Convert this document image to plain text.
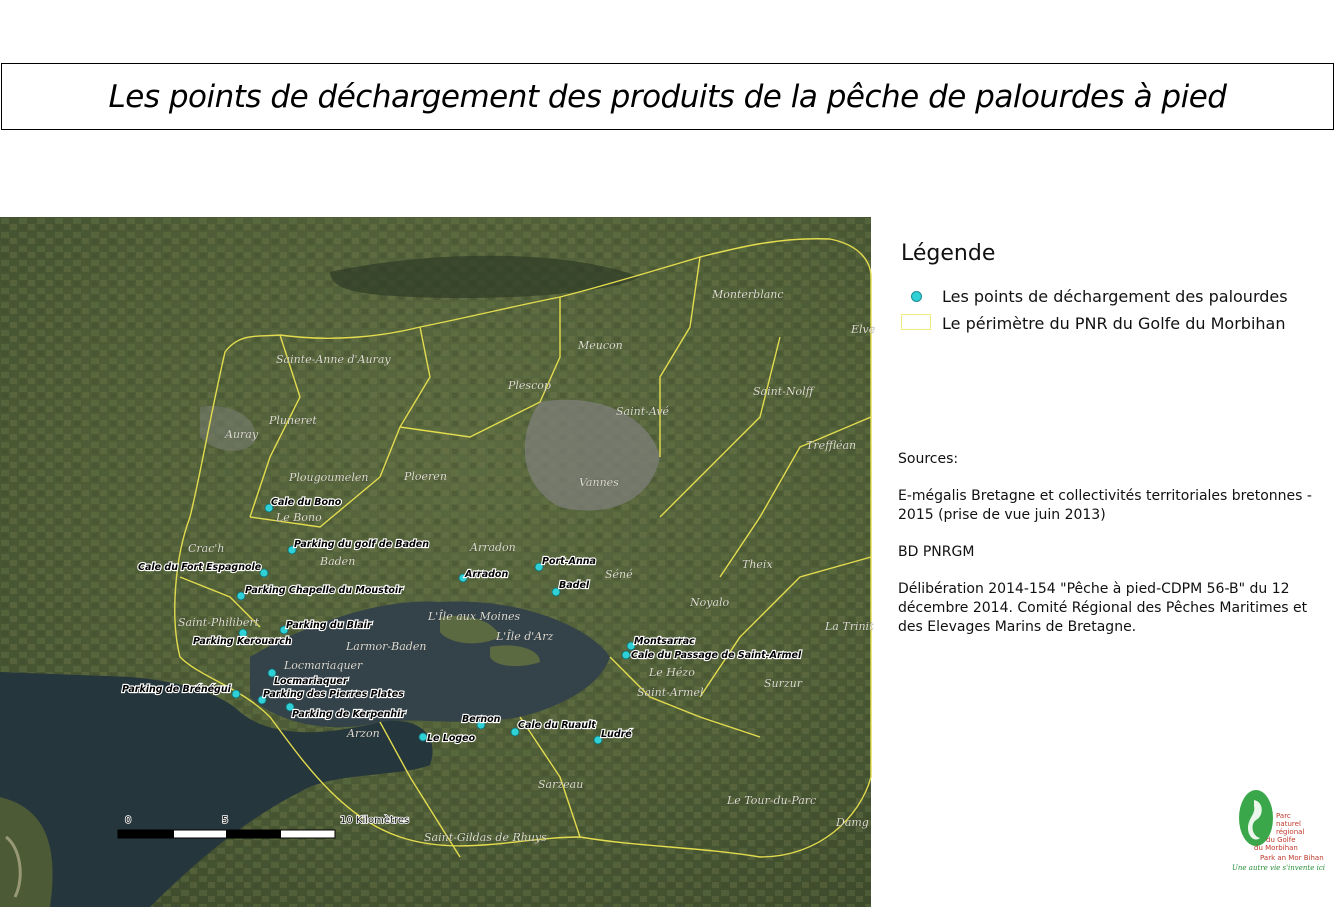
Les points de déchargement des produits de la pêche de palourdes à pied
Monterblanc
Elve
Meucon
Sainte-Anne d'Auray
Plescop	Saint-Nolff
Saint-Avé
Pluneret
Auray
Treffléan
Plougoumelen	Ploeren	Vannes
Le Bono
Crac'h
Baden
Arradon
Séné
Theix
Noyalo
Saint-Philibert	L'Île aux Moines
L'Île d'Arz
La Trinit
Larmor-Baden
Le Hézo
Locmariaquer
Saint-Armel
Surzur
Arzon
Sarzeau
Le Tour-du-Parc
Damg
Saint-Gildas de Rhuys
Cale du Bono
Parking du golf de Baden
Cale du Fort Espagnole
Port-Anna
Arradon
Badel
Parking Chapelle du Moustoir
Parking du Blair
Parking Kerouarch	Montsarrac
Cale du Passage de Saint-Armel
Locmariaquer
Parking de Brénégui	Parking des Pierres Plates
Parking de Kerpenhir	Bernon
Cale du Ruault
Le Logeo	Ludré
0	5	10 Kilomètres
Légende
Les points de déchargement des palourdes
Le périmètre du PNR du Golfe du Morbihan

Sources:

E-mégalis Bretagne et collectivités territoriales bretonnes - 2015 (prise de vue juin 2013)

BD PNRGM

Délibération 2014-154 "Pêche à pied-CDPM 56-B" du 12 décembre 2014. Comité Régional des Pêches Maritimes et des Elevages Marins de Bretagne.

Parc
naturel
régional
du Golfe
du Morbihan
Park an Mor Bihan
Une autre vie s'invente ici
